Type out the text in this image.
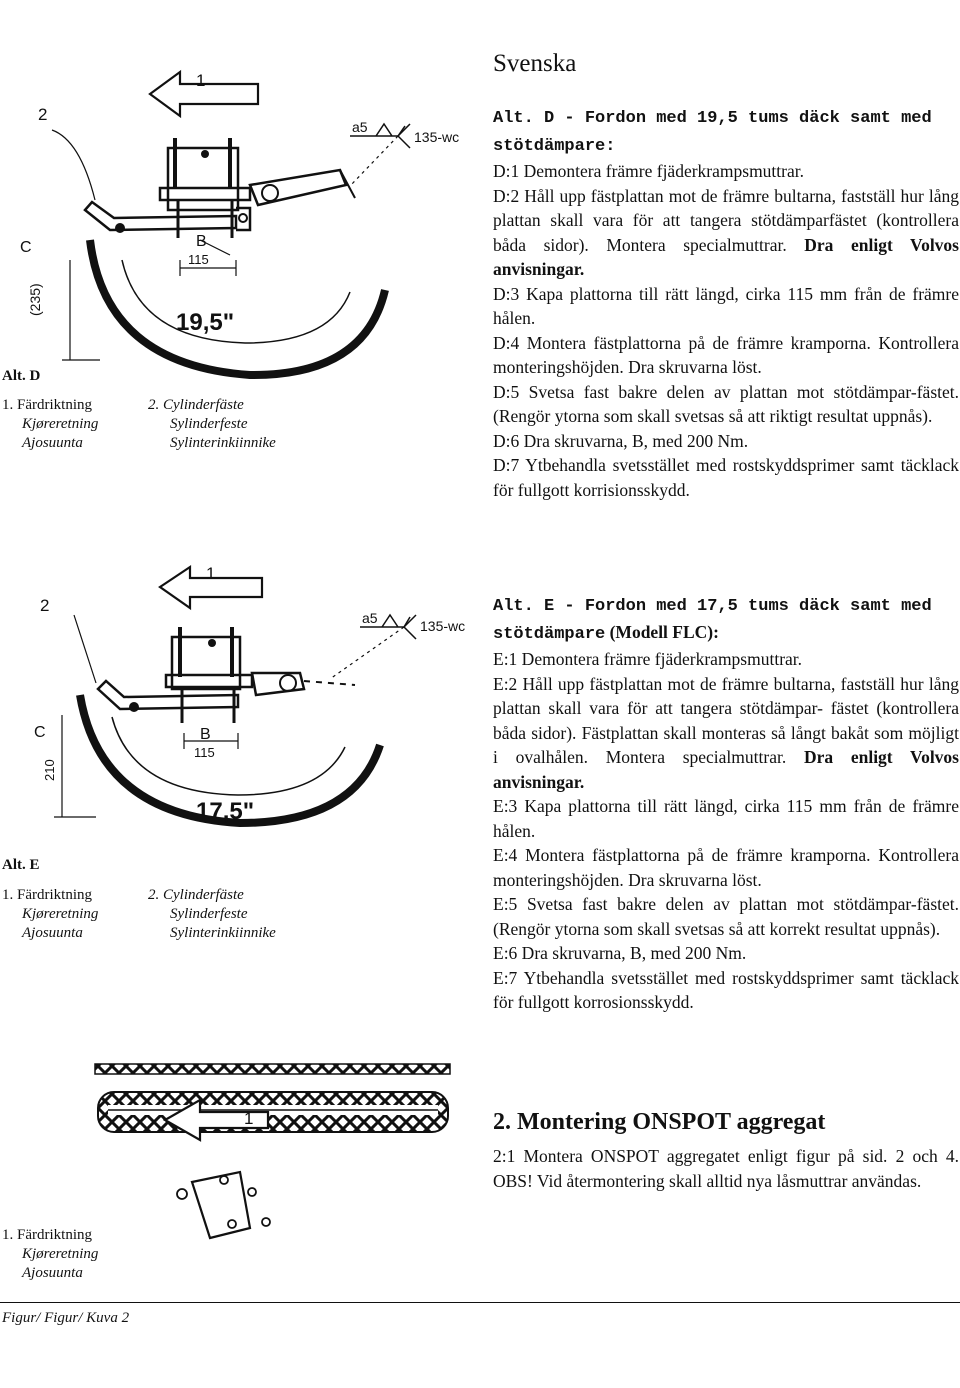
Svenska

Alt. D - Fordon med 19,5 tums däck samt med
stötdämpare:

D:1 Demontera främre fjäderkrampsmuttrar.

D:2 Håll upp fästplattan mot de främre bultarna, fastställ hur lång plattan skall vara för att tangera stötdämparfästet (kontrollera båda sidor). Montera specialmuttrar. Dra enligt Volvos anvisningar.

D:3 Kapa plattorna till rätt längd, cirka 115 mm från de främre hålen.

D:4 Montera fästplattorna på de främre kramporna. Kontrollera monteringshöjden. Dra skruvarna löst.

D:5 Svetsa fast bakre delen av plattan mot stötdämpar-fästet. (Rengör ytorna som skall svetsas så att riktigt resultat uppnås).

D:6 Dra skruvarna, B, med 200 Nm.

D:7 Ytbehandla svetsstället med rostskyddsprimer samt täcklack för fullgott korrisionsskydd.

1
2
C	B
115
19,5"
a5
135-wc
(235)
Alt. D
1. Färdriktning
Kjøreretning
Ajosuunta
2. Cylinderfäste
Sylinderfeste
Sylinterinkiinnike

Alt. E - Fordon med 17,5 tums däck samt med
stötdämpare (Modell FLC):

E:1 Demontera främre fjäderkrampsmuttrar.

E:2 Håll upp fästplattan mot de främre bultarna, fastställ hur lång plattan skall vara för att tangera stötdämpar- fästet (kontrollera båda sidor). Fästplattan skall monteras så långt bakåt som möjligt i ovalhålen. Montera specialmuttrar. Dra enligt Volvos anvisningar.

E:3 Kapa plattorna till rätt längd, cirka 115 mm från de främre hålen.

E:4 Montera fästplattorna på de främre kramporna. Kontrollera monteringshöjden. Dra skruvarna löst.

E:5 Svetsa fast bakre delen av plattan mot stötdämpar-fästet. (Rengör ytorna som skall svetsas så att korrekt resultat uppnås).

E:6 Dra skruvarna, B, med 200 Nm.

E:7 Ytbehandla svetsstället med rostskyddsprimer samt täcklack för fullgott korrosionsskydd.

1
2
C	B
115
17,5"
a5	135-wc
210
Alt. E
1. Färdriktning
Kjøreretning
Ajosuunta
2. Cylinderfäste
Sylinderfeste
Sylinterinkiinnike
1
1. Färdriktning
Kjøreretning
Ajosuunta
Figur/ Figur/ Kuva 2
2. Montering ONSPOT aggregat

2:1 Montera ONSPOT aggregatet enligt figur på sid. 2 och 4. OBS! Vid återmontering skall alltid nya låsmuttrar användas.
